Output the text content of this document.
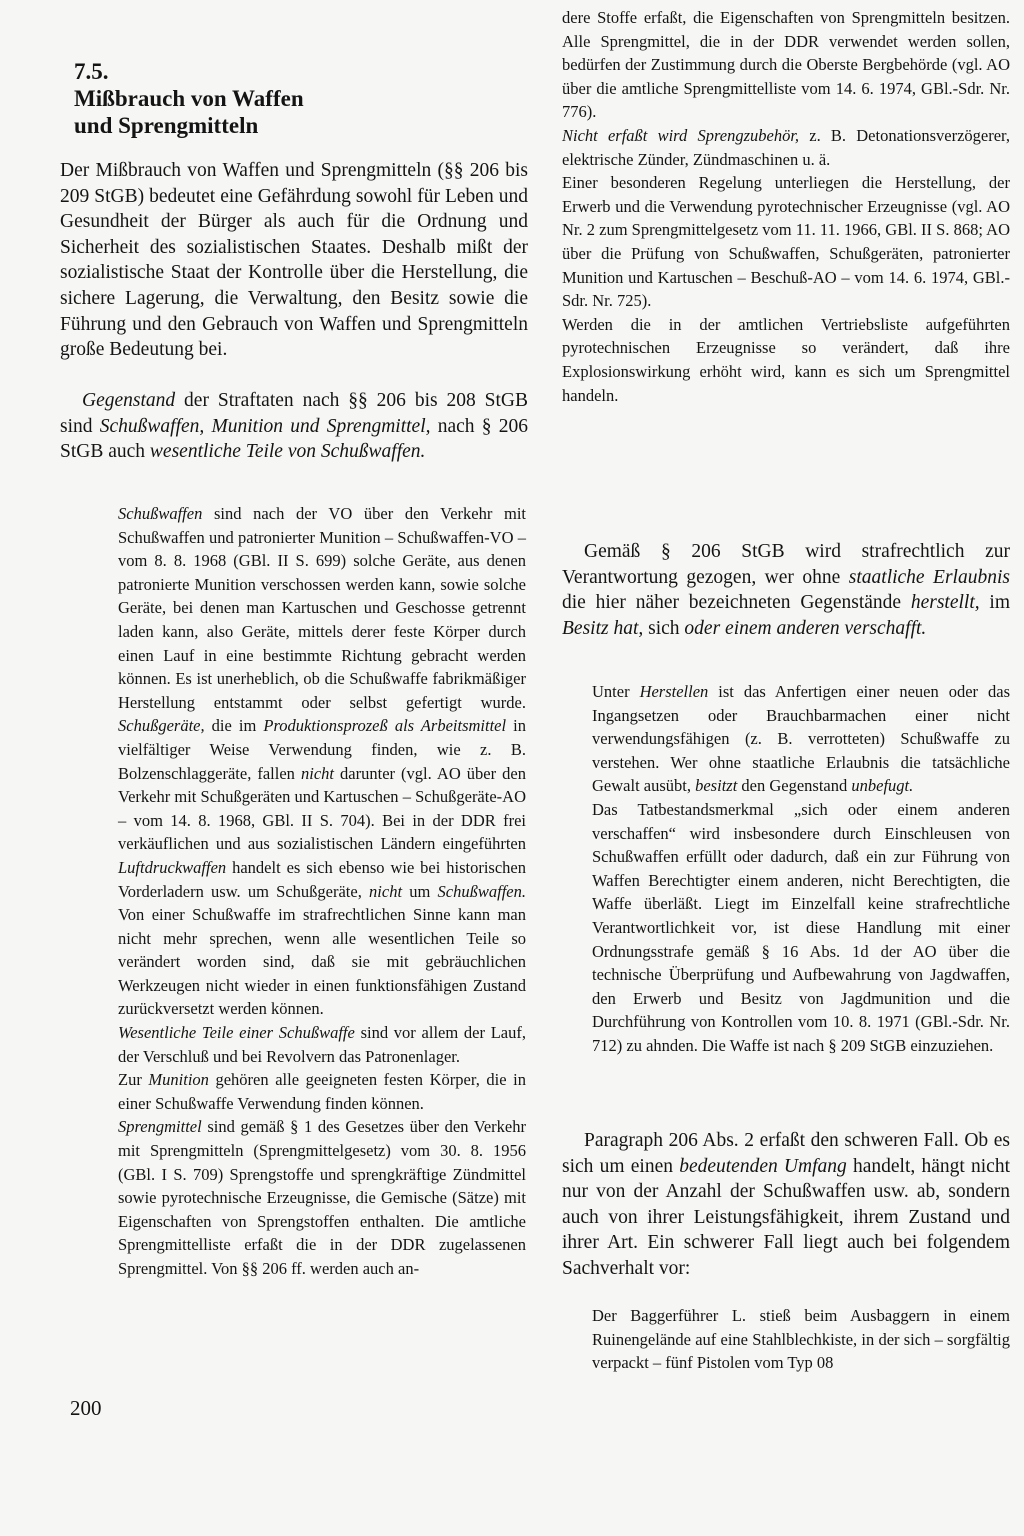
7.5.
Mißbrauch von Waffen
und Sprengmitteln

Der Mißbrauch von Waffen und Sprengmitteln (§§ 206 bis 209 StGB) bedeutet eine Gefährdung sowohl für Leben und Gesundheit der Bürger als auch für die Ordnung und Sicherheit des sozialistischen Staates. Deshalb mißt der sozialistische Staat der Kontrolle über die Herstellung, die sichere Lagerung, die Verwaltung, den Besitz sowie die Führung und den Gebrauch von Waffen und Sprengmitteln große Bedeutung bei.

Gegenstand der Straftaten nach §§ 206 bis 208 StGB sind Schußwaffen, Munition und Sprengmittel, nach § 206 StGB auch wesentliche Teile von Schußwaffen.

Schußwaffen sind nach der VO über den Verkehr mit Schußwaffen und patronierter Munition – Schußwaffen-VO – vom 8. 8. 1968 (GBl. II S. 699) solche Geräte, aus denen patronierte Munition verschossen werden kann, sowie solche Geräte, bei denen man Kartuschen und Geschosse getrennt laden kann, also Geräte, mittels derer feste Körper durch einen Lauf in eine bestimmte Richtung gebracht werden können. Es ist unerheblich, ob die Schußwaffe fabrikmäßiger Herstellung entstammt oder selbst gefertigt wurde. Schußgeräte, die im Produktionsprozeß als Arbeitsmittel in vielfältiger Weise Verwendung finden, wie z. B. Bolzenschlaggeräte, fallen nicht darunter (vgl. AO über den Verkehr mit Schußgeräten und Kartuschen – Schußgeräte-AO – vom 14. 8. 1968, GBl. II S. 704). Bei in der DDR frei verkäuflichen und aus sozialistischen Ländern eingeführten Luftdruckwaffen handelt es sich ebenso wie bei historischen Vorderladern usw. um Schußgeräte, nicht um Schußwaffen. Von einer Schußwaffe im strafrechtlichen Sinne kann man nicht mehr sprechen, wenn alle wesentlichen Teile so verändert worden sind, daß sie mit gebräuchlichen Werkzeugen nicht wieder in einen funktionsfähigen Zustand zurückversetzt werden können.

Wesentliche Teile einer Schußwaffe sind vor allem der Lauf, der Verschluß und bei Revolvern das Patronenlager.

Zur Munition gehören alle geeigneten festen Körper, die in einer Schußwaffe Verwendung finden können.

Sprengmittel sind gemäß § 1 des Gesetzes über den Verkehr mit Sprengmitteln (Sprengmittelgesetz) vom 30. 8. 1956 (GBl. I S. 709) Sprengstoffe und sprengkräftige Zündmittel sowie pyrotechnische Erzeugnisse, die Gemische (Sätze) mit Eigenschaften von Sprengstoffen enthalten. Die amtliche Sprengmittelliste erfaßt die in der DDR zugelassenen Sprengmittel. Von §§ 206 ff. werden auch an-

200

dere Stoffe erfaßt, die Eigenschaften von Sprengmitteln besitzen. Alle Sprengmittel, die in der DDR verwendet werden sollen, bedürfen der Zustimmung durch die Oberste Bergbehörde (vgl. AO über die amtliche Sprengmittelliste vom 14. 6. 1974, GBl.-Sdr. Nr. 776).

Nicht erfaßt wird Sprengzubehör, z. B. Detonationsverzögerer, elektrische Zünder, Zündmaschinen u. ä.

Einer besonderen Regelung unterliegen die Herstellung, der Erwerb und die Verwendung pyrotechnischer Erzeugnisse (vgl. AO Nr. 2 zum Sprengmittelgesetz vom 11. 11. 1966, GBl. II S. 868; AO über die Prüfung von Schußwaffen, Schußgeräten, patronierter Munition und Kartuschen – Beschuß-AO – vom 14. 6. 1974, GBl.-Sdr. Nr. 725).

Werden die in der amtlichen Vertriebsliste aufgeführten pyrotechnischen Erzeugnisse so verändert, daß ihre Explosionswirkung erhöht wird, kann es sich um Sprengmittel handeln.

Gemäß § 206 StGB wird strafrechtlich zur Verantwortung gezogen, wer ohne staatliche Erlaubnis die hier näher bezeichneten Gegenstände herstellt, im Besitz hat, sich oder einem anderen verschafft.

Unter Herstellen ist das Anfertigen einer neuen oder das Ingangsetzen oder Brauchbarmachen einer nicht verwendungsfähigen (z. B. verrotteten) Schußwaffe zu verstehen. Wer ohne staatliche Erlaubnis die tatsächliche Gewalt ausübt, besitzt den Gegenstand unbefugt.

Das Tatbestandsmerkmal „sich oder einem anderen verschaffen“ wird insbesondere durch Einschleusen von Schußwaffen erfüllt oder dadurch, daß ein zur Führung von Waffen Berechtigter einem anderen, nicht Berechtigten, die Waffe überläßt. Liegt im Einzelfall keine strafrechtliche Verantwortlichkeit vor, ist diese Handlung mit einer Ordnungsstrafe gemäß § 16 Abs. 1d der AO über die technische Überprüfung und Aufbewahrung von Jagdwaffen, den Erwerb und Besitz von Jagdmunition und die Durchführung von Kontrollen vom 10. 8. 1971 (GBl.-Sdr. Nr. 712) zu ahnden. Die Waffe ist nach § 209 StGB einzuziehen.

Paragraph 206 Abs. 2 erfaßt den schweren Fall. Ob es sich um einen bedeutenden Umfang handelt, hängt nicht nur von der Anzahl der Schußwaffen usw. ab, sondern auch von ihrer Leistungsfähigkeit, ihrem Zustand und ihrer Art. Ein schwerer Fall liegt auch bei folgendem Sachverhalt vor:

Der Baggerführer L. stieß beim Ausbaggern in einem Ruinengelände auf eine Stahlblechkiste, in der sich – sorgfältig verpackt – fünf Pistolen vom Typ 08
